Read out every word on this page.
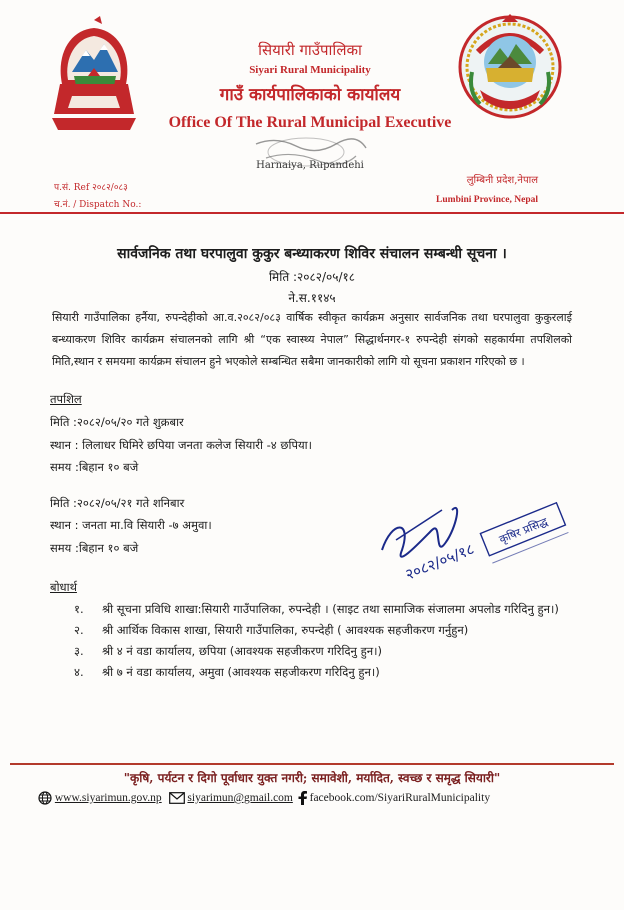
सियारी गाउँपालिका
Siyari Rural Municipality
गाउँ कार्यपालिकाको कार्यालय
Office Of The Rural Municipal Executive
Harnaiya, Rupandehi
प.सं. Ref २०८२/०८३
च.नं. / Dispatch No.:
लुम्बिनी प्रदेश,नेपाल
Lumbini Province, Nepal
सार्वजनिक तथा घरपालुवा कुकुर बन्ध्याकरण शिविर संचालन सम्बन्धी सूचना ।
मिति :२०८२/०५/१८
ने.स.११४५

सियारी गाउँपालिका हर्नैया, रुपन्देहीको आ.व.२०८२/०८३ वार्षिक स्वीकृत कार्यक्रम अनुसार सार्वजनिक तथा घरपालुवा कुकुरलाई बन्ध्याकरण शिविर कार्यक्रम संचालनको लागि श्री “एक स्वास्थ्य नेपाल” सिद्धार्थनगर-१ रुपन्देही संगको सहकार्यमा तपशिलको मिति,स्थान र समयमा कार्यक्रम संचालन हुने भएकोले सम्बन्धित सबैमा जानकारीको लागि यो सूचना प्रकाशन गरिएको छ ।

तपशिल
मिति :२०८२/०५/२० गते शुक्रबार
स्थान : लिलाधर घिमिरे छपिया जनता कलेज सियारी -४ छपिया।
समय :बिहान १० बजे
मिति :२०८२/०५/२१ गते शनिबार
स्थान : जनता मा.वि सियारी -७ अमुवा।
समय :बिहान १० बजे	२०८२/०५/१८
कृषिर प्रसिद्ध
बोधार्थ
१. श्री सूचना प्रविधि शाखा:सियारी गाउँपालिका, रुपन्देही । (साइट तथा सामाजिक संजालमा अपलोड गरिदिनु हुन।)
२. श्री आर्थिक विकास शाखा, सियारी गाउँपालिका, रुपन्देही ( आवश्यक सहजीकरण गर्नुहुन)
३. श्री ४ नं वडा कार्यालय, छपिया (आवश्यक सहजीकरण गरिदिनु हुन।)
४. श्री ७ नं वडा कार्यालय, अमुवा (आवश्यक सहजीकरण गरिदिनु हुन।)
"कृषि, पर्यटन र दिगो पूर्वाधार युक्त नगरी; समावेशी, मर्यादित, स्वच्छ र समृद्ध सियारी"
www.siyarimun.gov.np siyarimun@gmail.com facebook.com/SiyariRuralMunicipality
